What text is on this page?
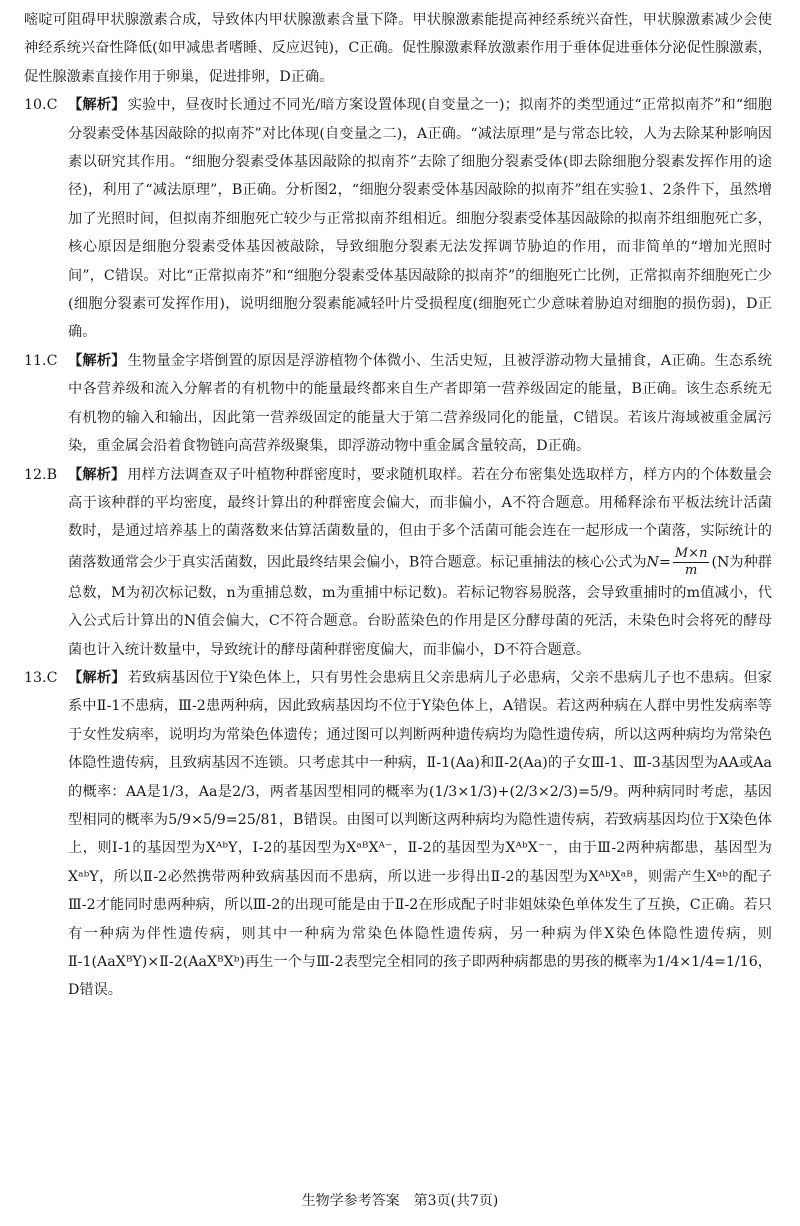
嘧啶可阻碍甲状腺激素合成，导致体内甲状腺激素含量下降。甲状腺激素能提高神经系统兴奋性，甲状腺激素减少会使神经系统兴奋性降低(如甲减患者嗜睡、反应迟钝)，C正确。促性腺激素释放激素作用于垂体促进垂体分泌促性腺激素，促性腺激素直接作用于卵巢，促进排卵，D正确。

10.C 【解析】 实验中，昼夜时长通过不同光/暗方案设置体现(自变量之一)；拟南芥的类型通过“正常拟南芥”和“细胞分裂素受体基因敲除的拟南芥”对比体现(自变量之二)，A正确。“减法原理”是与常态比较，人为去除某种影响因素以研究其作用。“细胞分裂素受体基因敲除的拟南芥”去除了细胞分裂素受体(即去除细胞分裂素发挥作用的途径)，利用了“减法原理”，B正确。分析图2，“细胞分裂素受体基因敲除的拟南芥”组在实验1、2条件下，虽然增加了光照时间，但拟南芥细胞死亡较少与正常拟南芥组相近。细胞分裂素受体基因敲除的拟南芥组细胞死亡多，核心原因是细胞分裂素受体基因被敲除，导致细胞分裂素无法发挥调节胁迫的作用，而非简单的“增加光照时间”，C错误。对比“正常拟南芥”和“细胞分裂素受体基因敲除的拟南芥”的细胞死亡比例，正常拟南芥细胞死亡少(细胞分裂素可发挥作用)，说明细胞分裂素能减轻叶片受损程度(细胞死亡少意味着胁迫对细胞的损伤弱)，D正确。
11.C 【解析】 生物量金字塔倒置的原因是浮游植物个体微小、生活史短，且被浮游动物大量捕食，A正确。生态系统中各营养级和流入分解者的有机物中的能量最终都来自生产者即第一营养级固定的能量，B正确。该生态系统无有机物的输入和输出，因此第一营养级固定的能量大于第二营养级同化的能量，C错误。若该片海域被重金属污染，重金属会沿着食物链向高营养级聚集，即浮游动物中重金属含量较高，D正确。
12.B 【解析】 用样方法调查双子叶植物种群密度时，要求随机取样。若在分布密集处选取样方，样方内的个体数量会高于该种群的平均密度，最终计算出的种群密度会偏大，而非偏小，A不符合题意。用稀释涂布平板法统计活菌数时，是通过培养基上的菌落数来估算活菌数量的，但由于多个活菌可能会连在一起形成一个菌落，实际统计的菌落数通常会少于真实活菌数，因此最终结果会偏小，B符合题意。标记重捕法的核心公式为$N= \frac{M\times n}{m} (N$为种群总数，M为初次标记数，n为重捕总数，m为重捕中标记数)。若标记物容易脱落，会导致重捕时的m值减小，代入公式后计算出的N值会偏大，C不符合题意。台盼蓝染色的作用是区分酵母菌的死活，未染色时会将死的酵母菌也计入统计数量中，导致统计的酵母菌种群密度偏大，而非偏小，D不符合题意。
13.C 【解析】 若致病基因位于Y染色体上，只有男性会患病且父亲患病儿子必患病，父亲不患病儿子也不患病。但家系中Ⅱ-1不患病，Ⅲ-2患两种病，因此致病基因均不位于Y染色体上，A错误。若这两种病在人群中男性发病率等于女性发病率，说明均为常染色体遗传；通过图可以判断两种遗传病均为隐性遗传病，所以这两种病均为常染色体隐性遗传病，且致病基因不连锁。只考虑其中一种病，Ⅱ-1(Aa)和Ⅱ-2(Aa)的子女Ⅲ-1、Ⅲ-3基因型为AA或Aa的概率：AA是1/3，Aa是2/3，两者基因型相同的概率为(1/3×1/3)+(2/3×2/3)=5/9。两种病同时考虑，基因型相同的概率为5/9×5/9=25/81，B错误。由图可以判断这两种病均为隐性遗传病，若致病基因均位于X染色体上，则Ⅰ-1的基因型为XᴬᵇY，Ⅰ-2的基因型为XᵃᴮXᴬ⁻，Ⅱ-2的基因型为XᴬᵇX⁻⁻，由于Ⅲ-2两种病都患，基因型为XᵃᵇY，所以Ⅱ-2必然携带两种致病基因而不患病，所以进一步得出Ⅱ-2的基因型为XᴬᵇXᵃᴮ，则需产生Xᵃᵇ的配子Ⅲ-2才能同时患两种病，所以Ⅲ-2的出现可能是由于Ⅱ-2在形成配子时非姐妹染色单体发生了互换，C正确。若只有一种病为伴性遗传病，则其中一种病为常染色体隐性遗传病，另一种病为伴X染色体隐性遗传病，则Ⅱ-1(AaXᴮY)×Ⅱ-2(AaXᴮXᵇ)再生一个与Ⅲ-2表型完全相同的孩子即两种病都患的男孩的概率为1/4×1/4=1/16，D错误。
生物学参考答案　第3页(共7页)
